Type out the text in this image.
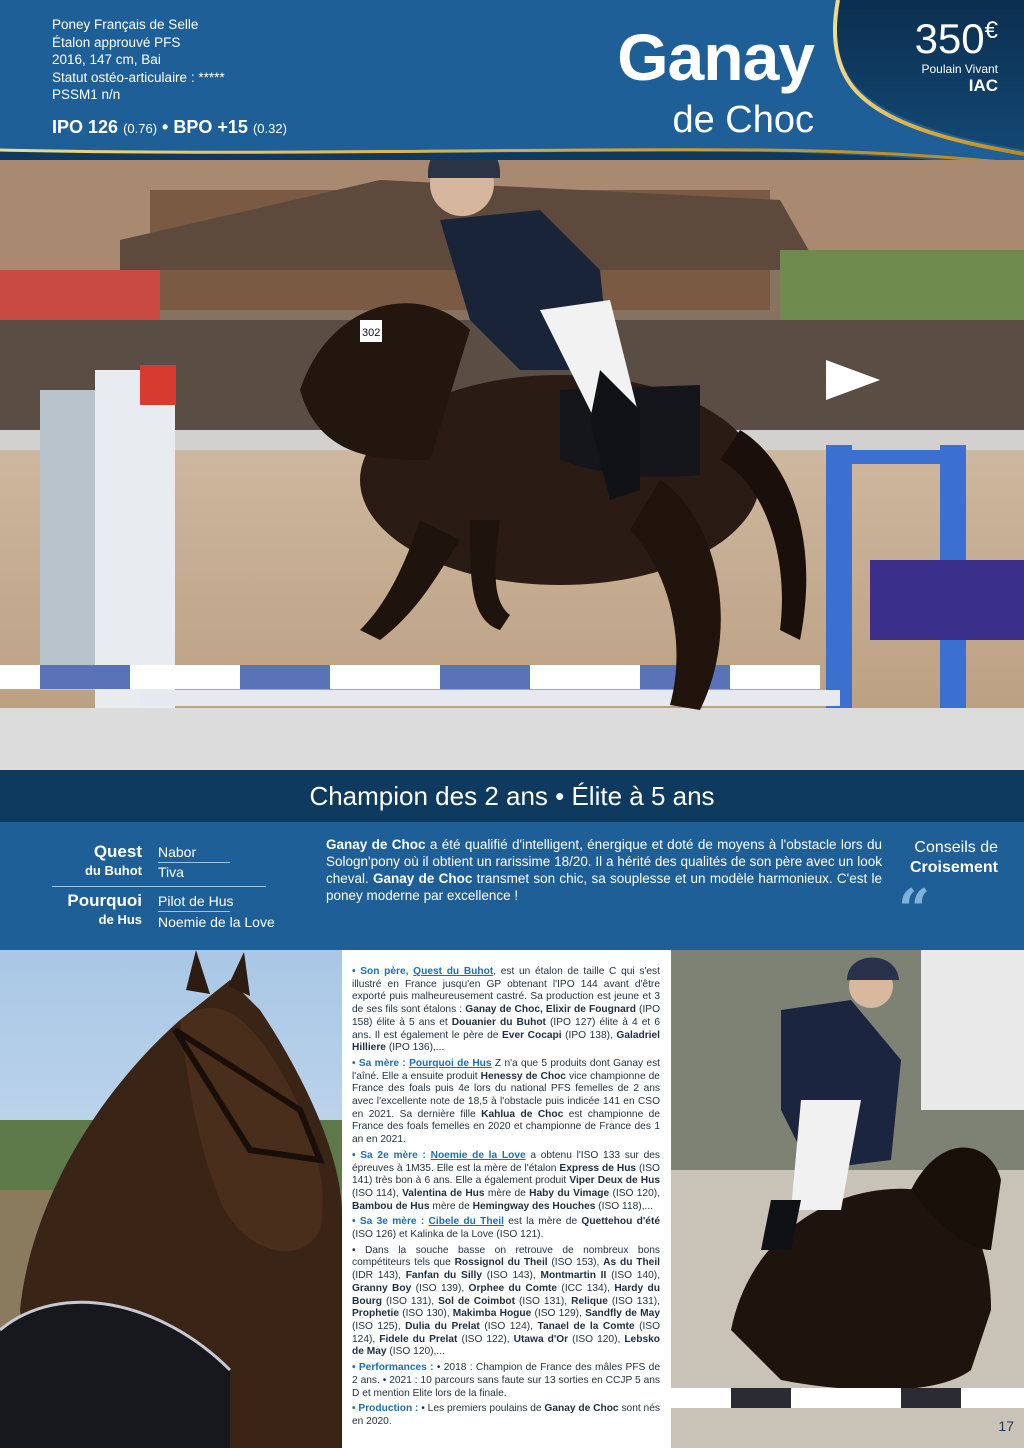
Poney Français de Selle
Étalon approuvé PFS
2016, 147 cm, Bai
Statut ostéo-articulaire : *****
PSSM1 n/n
IPO 126 (0.76) • BPO +15 (0.32)
Ganay
de Choc
350€
Poulain Vivant
IAC
302
Champion des 2 ans • Élite à 5 ans
Quest
du Buhot
Pourquoi
de Hus
Nabor
Tiva
Pilot de Hus
Noemie de la Love
Ganay de Choc a été qualifié d'intelligent, énergique et doté de moyens à l'obstacle lors du Sologn'pony où il obtient un rarissime 18/20. Il a hérité des qualités de son père avec un look cheval. Ganay de Choc transmet son chic, sa souplesse et un modèle harmonieux. C'est le poney moderne par excellence !
Conseils de
Croisement
“
• Son père, Quest du Buhot, est un étalon de taille C qui s'est illustré en France jusqu'en GP obtenant l'IPO 144 avant d'être exporté puis malheureusement castré. Sa production est jeune et 3 de ses fils sont étalons : Ganay de Choc, Elixir de Fougnard (IPO 158) élite à 5 ans et Douanier du Buhot (IPO 127) élite à 4 et 6 ans. Il est également le père de Ever Cocapi (IPO 138), Galadriel Hilliere (IPO 136),...
• Sa mère : Pourquoi de Hus Z n'a que 5 produits dont Ganay est l'aîné. Elle a ensuite produit Henessy de Choc vice championne de France des foals puis 4e lors du national PFS femelles de 2 ans avec l'excellente note de 18,5 à l'obstacle puis indicée 141 en CSO en 2021. Sa dernière fille Kahlua de Choc est championne de France des foals femelles en 2020 et championne de France des 1 an en 2021.
• Sa 2e mère : Noemie de la Love a obtenu l'ISO 133 sur des épreuves à 1M35. Elle est la mère de l'étalon Express de Hus (ISO 141) très bon à 6 ans. Elle a également produit Viper Deux de Hus (ISO 114), Valentina de Hus mère de Haby du Vimage (ISO 120), Bambou de Hus mère de Hemingway des Houches (ISO 118),...
• Sa 3e mère : Cibele du Theil est la mère de Quettehou d'été (ISO 126) et Kalinka de la Love (ISO 121).
• Dans la souche basse on retrouve de nombreux bons compétiteurs tels que Rossignol du Theil (ISO 153), As du Theil (IDR 143), Fanfan du Silly (ISO 143), Montmartin II (ISO 140), Granny Boy (ISO 139), Orphee du Comte (ICC 134), Hardy du Bourg (ISO 131), Sol de Coimbot (ISO 131), Relique (ISO 131), Prophetie (ISO 130), Makimba Hogue (ISO 129), Sandfly de May (ISO 125), Dulia du Prelat (ISO 124), Tanael de la Comte (ISO 124), Fidele du Prelat (ISO 122), Utawa d'Or (ISO 120), Lebsko de May (ISO 120),...
• Performances : • 2018 : Champion de France des mâles PFS de 2 ans. • 2021 : 10 parcours sans faute sur 13 sorties en CCJP 5 ans D et mention Elite lors de la finale.
• Production : • Les premiers poulains de Ganay de Choc sont nés en 2020.	17
